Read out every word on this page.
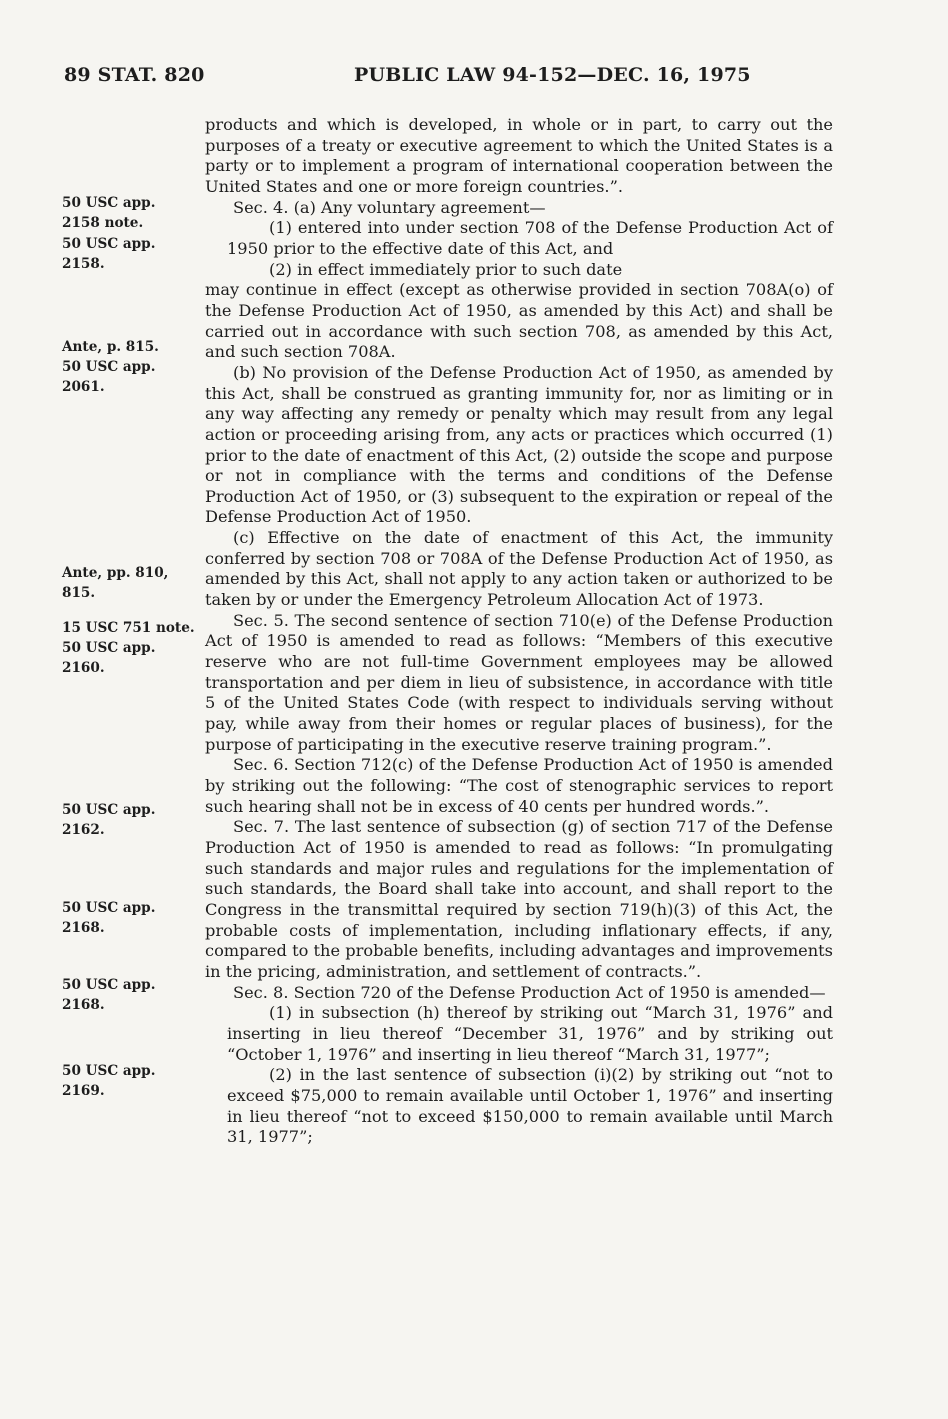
89 STAT. 820	PUBLIC LAW 94-152—DEC. 16, 1975
50 USC app.
2158 note.
50 USC app.
2158.
Ante, p. 815.
50 USC app.
2061.
Ante, pp. 810,
815.
15 USC 751 note.
50 USC app.
2160.
50 USC app.
2162.
50 USC app.
2168.
50 USC app.
2168.
50 USC app.
2169.

products and which is developed, in whole or in part, to carry out the purposes of a treaty or executive agreement to which the United States is a party or to implement a program of international cooperation between the United States and one or more foreign countries.”.

Sec. 4. (a) Any voluntary agreement—

(1) entered into under section 708 of the Defense Production Act of 1950 prior to the effective date of this Act, and

(2) in effect immediately prior to such date

may continue in effect (except as otherwise provided in section 708A(o) of the Defense Production Act of 1950, as amended by this Act) and shall be carried out in accordance with such section 708, as amended by this Act, and such section 708A.

(b) No provision of the Defense Production Act of 1950, as amended by this Act, shall be construed as granting immunity for, nor as limiting or in any way affecting any remedy or penalty which may result from any legal action or proceeding arising from, any acts or practices which occurred (1) prior to the date of enactment of this Act, (2) outside the scope and purpose or not in compliance with the terms and conditions of the Defense Production Act of 1950, or (3) subsequent to the expiration or repeal of the Defense Production Act of 1950.

(c) Effective on the date of enactment of this Act, the immunity conferred by section 708 or 708A of the Defense Production Act of 1950, as amended by this Act, shall not apply to any action taken or authorized to be taken by or under the Emergency Petroleum Allocation Act of 1973.

Sec. 5. The second sentence of section 710(e) of the Defense Production Act of 1950 is amended to read as follows: “Members of this executive reserve who are not full-time Government employees may be allowed transportation and per diem in lieu of subsistence, in accordance with title 5 of the United States Code (with respect to individuals serving without pay, while away from their homes or regular places of business), for the purpose of participating in the executive reserve training program.”.

Sec. 6. Section 712(c) of the Defense Production Act of 1950 is amended by striking out the following: “The cost of stenographic services to report such hearing shall not be in excess of 40 cents per hundred words.”.

Sec. 7. The last sentence of subsection (g) of section 717 of the Defense Production Act of 1950 is amended to read as follows: “In promulgating such standards and major rules and regulations for the implementation of such standards, the Board shall take into account, and shall report to the Congress in the transmittal required by section 719(h)(3) of this Act, the probable costs of implementation, including inflationary effects, if any, compared to the probable benefits, including advantages and improvements in the pricing, administration, and settlement of contracts.”.

Sec. 8. Section 720 of the Defense Production Act of 1950 is amended—

(1) in subsection (h) thereof by striking out “March 31, 1976” and inserting in lieu thereof “December 31, 1976” and by striking out “October 1, 1976” and inserting in lieu thereof “March 31, 1977”;

(2) in the last sentence of subsection (i)(2) by striking out “not to exceed $75,000 to remain available until October 1, 1976” and inserting in lieu thereof “not to exceed $150,000 to remain available until March 31, 1977”;
